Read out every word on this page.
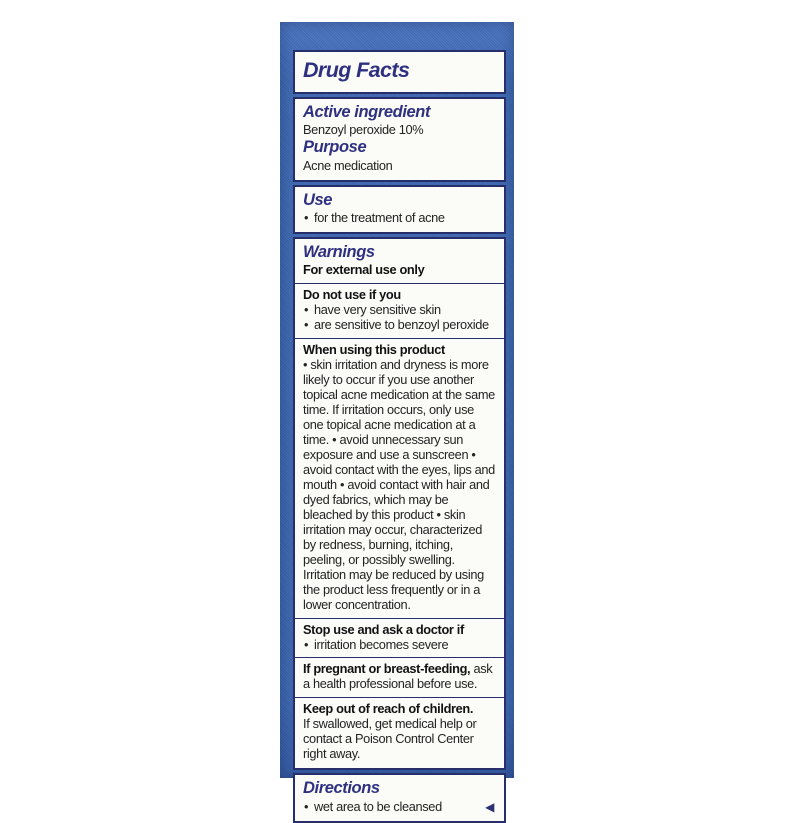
Drug Facts
Active ingredient

Benzoyl peroxide 10%

Purpose

Acne medication

Use

• for the treatment of acne

Warnings

For external use only

Do not use if you

• have very sensitive skin

• are sensitive to benzoyl peroxide

When using this product

• skin irritation and dryness is more likely to occur if you use another topical acne medication at the same time. If irritation occurs, only use one topical acne medication at a time. • avoid unnecessary sun exposure and use a sunscreen • avoid contact with the eyes, lips and mouth • avoid contact with hair and dyed fabrics, which may be bleached by this product • skin irritation may occur, characterized by redness, burning, itching, peeling, or possibly swelling. Irritation may be reduced by using the product less frequently or in a lower concentration.

Stop use and ask a doctor if

• irritation becomes severe

If pregnant or breast-feeding, ask a health professional before use.

Keep out of reach of children.

If swallowed, get medical help or contact a Poison Control Center right away.

Directions
• wet area to be cleansed	◀
